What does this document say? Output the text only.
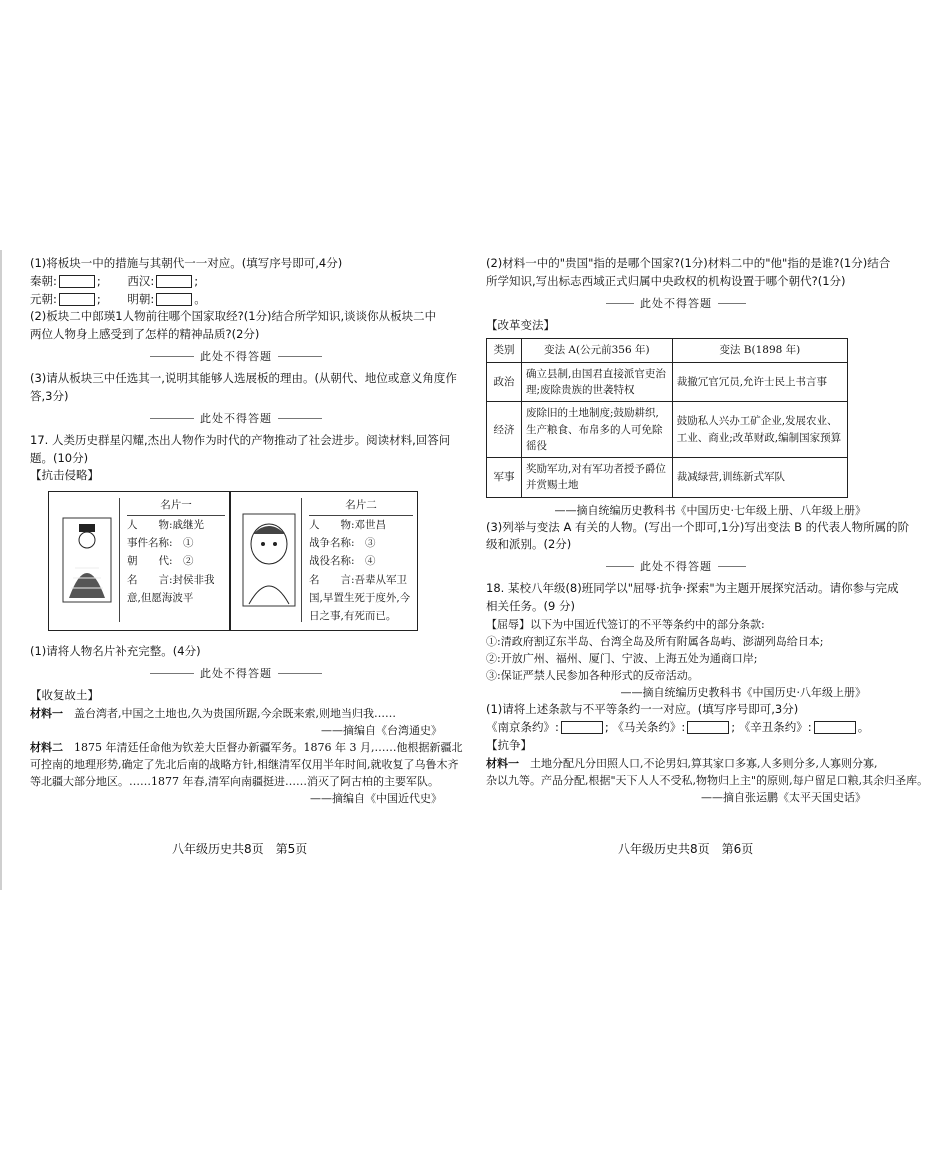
(1)将板块一中的措施与其朝代一一对应。(填写序号即可,4分)
秦朝:	;　　 西汉:	;
元朝:	;　　 明朝:	。
(2)板块二中郎瑛1人物前往哪个国家取经?(1分)结合所学知识,谈谈你从板块二中
两位人物身上感受到了怎样的精神品质?(2分)
此处不得答题
(3)请从板块三中任选其一,说明其能够人选展板的理由。(从朝代、地位或意义角度作
答,3分)
此处不得答题
17. 人类历史群星闪耀,杰出人物作为时代的产物推动了社会进步。阅读材料,回答问
题。(10分)
【抗击侵略】
名片一
人　　物:戚继光
事件名称:　①
朝　　代:　②
名　　言:封侯非我
意,但愿海波平
名片二
人　　物:邓世昌
战争名称:　③
战役名称:　④
名　　言:吾辈从军卫
国,早置生死于度外,今
日之事,有死而已。
(1)请将人物名片补充完整。(4分)
此处不得答题
【收复故土】
材料一　盖台湾者,中国之土地也,久为贵国所踞,今余既来索,则地当归我……
——摘编自《台湾通史》
材料二　1875 年清廷任命他为钦差大臣督办新疆军务。1876 年 3 月,……他根据新疆北
可控南的地理形势,确定了先北后南的战略方针,相继清军仅用半年时间,就收复了乌鲁木齐
等北疆大部分地区。……1877 年春,清军向南疆挺进……消灭了阿古柏的主要军队。
——摘编自《中国近代史》
八年级历史共8页　第5页
(2)材料一中的"贵国"指的是哪个国家?(1分)材料二中的"他"指的是谁?(1分)结合
所学知识,写出标志西域正式归属中央政权的机构设置于哪个朝代?(1分)
此处不得答题
【改革变法】
类别	变法 A(公元前356 年)	变法 B(1898 年)
政治	确立县制,由国君直接派官吏治理;废除贵族的世袭特权	裁撤冗官冗员,允许士民上书言事
经济	废除旧的土地制度;鼓励耕织,生产粮食、布帛多的人可免除徭役	鼓励私人兴办工矿企业,发展农业、工业、商业;改革财政,编制国家预算
军事	奖励军功,对有军功者授予爵位并赏赐土地	裁减绿营,训练新式军队
——摘自统编历史教科书《中国历史·七年级上册、八年级上册》
(3)列举与变法 A 有关的人物。(写出一个即可,1分)写出变法 B 的代表人物所属的阶
级和派别。(2分)
此处不得答题
18. 某校八年级(8)班同学以"屈辱·抗争·探索"为主题开展探究活动。请你参与完成
相关任务。(9 分)
【屈辱】以下为中国近代签订的不平等条约中的部分条款:
①:清政府割辽东半岛、台湾全岛及所有附属各岛屿、澎湖列岛给日本;
②:开放广州、福州、厦门、宁波、上海五处为通商口岸;
③:保证严禁人民参加各种形式的反帝活动。
——摘自统编历史教科书《中国历史·八年级上册》
(1)请将上述条款与不平等条约一一对应。(填写序号即可,3分)
《南京条约》:	; 《马关条约》:	; 《辛丑条约》:	。
【抗争】
材料一　土地分配凡分田照人口,不论男妇,算其家口多寡,人多则分多,人寡则分寡,
杂以九等。产品分配,根据"天下人人不受私,物物归上主"的原则,每户留足口粮,其余归圣库。
——摘自张运鹏《太平天国史话》
八年级历史共8页　第6页
